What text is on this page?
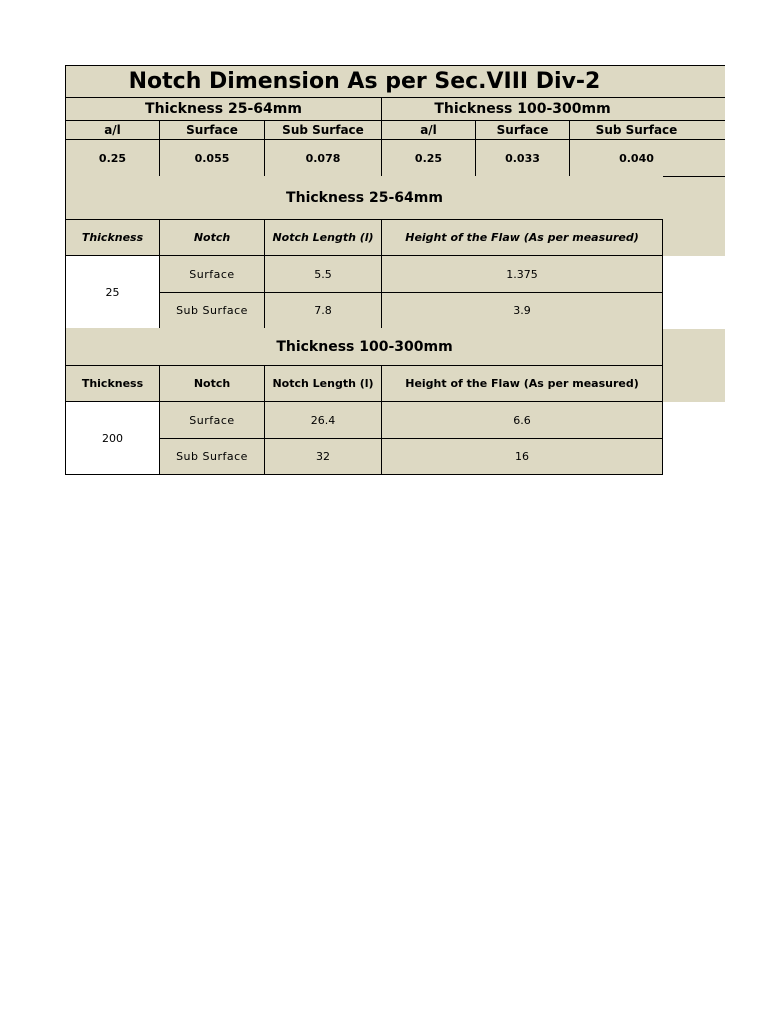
Notch Dimension As per Sec.VIII Div-2
Thickness 25-64mm	Thickness 100-300mm
a/l	Surface	Sub Surface	a/l	Surface	Sub Surface
0.25	0.055	0.078	0.25	0.033	0.040
Thickness 25-64mm
Thickness	Notch	Notch Length (l)	Height of the Flaw (As per measured)
25
Surface	5.5	1.375
Sub Surface	7.8	3.9
Thickness 100-300mm
Thickness	Notch	Notch Length (l)	Height of the Flaw (As per measured)
200
Surface	26.4	6.6
Sub Surface	32	16
